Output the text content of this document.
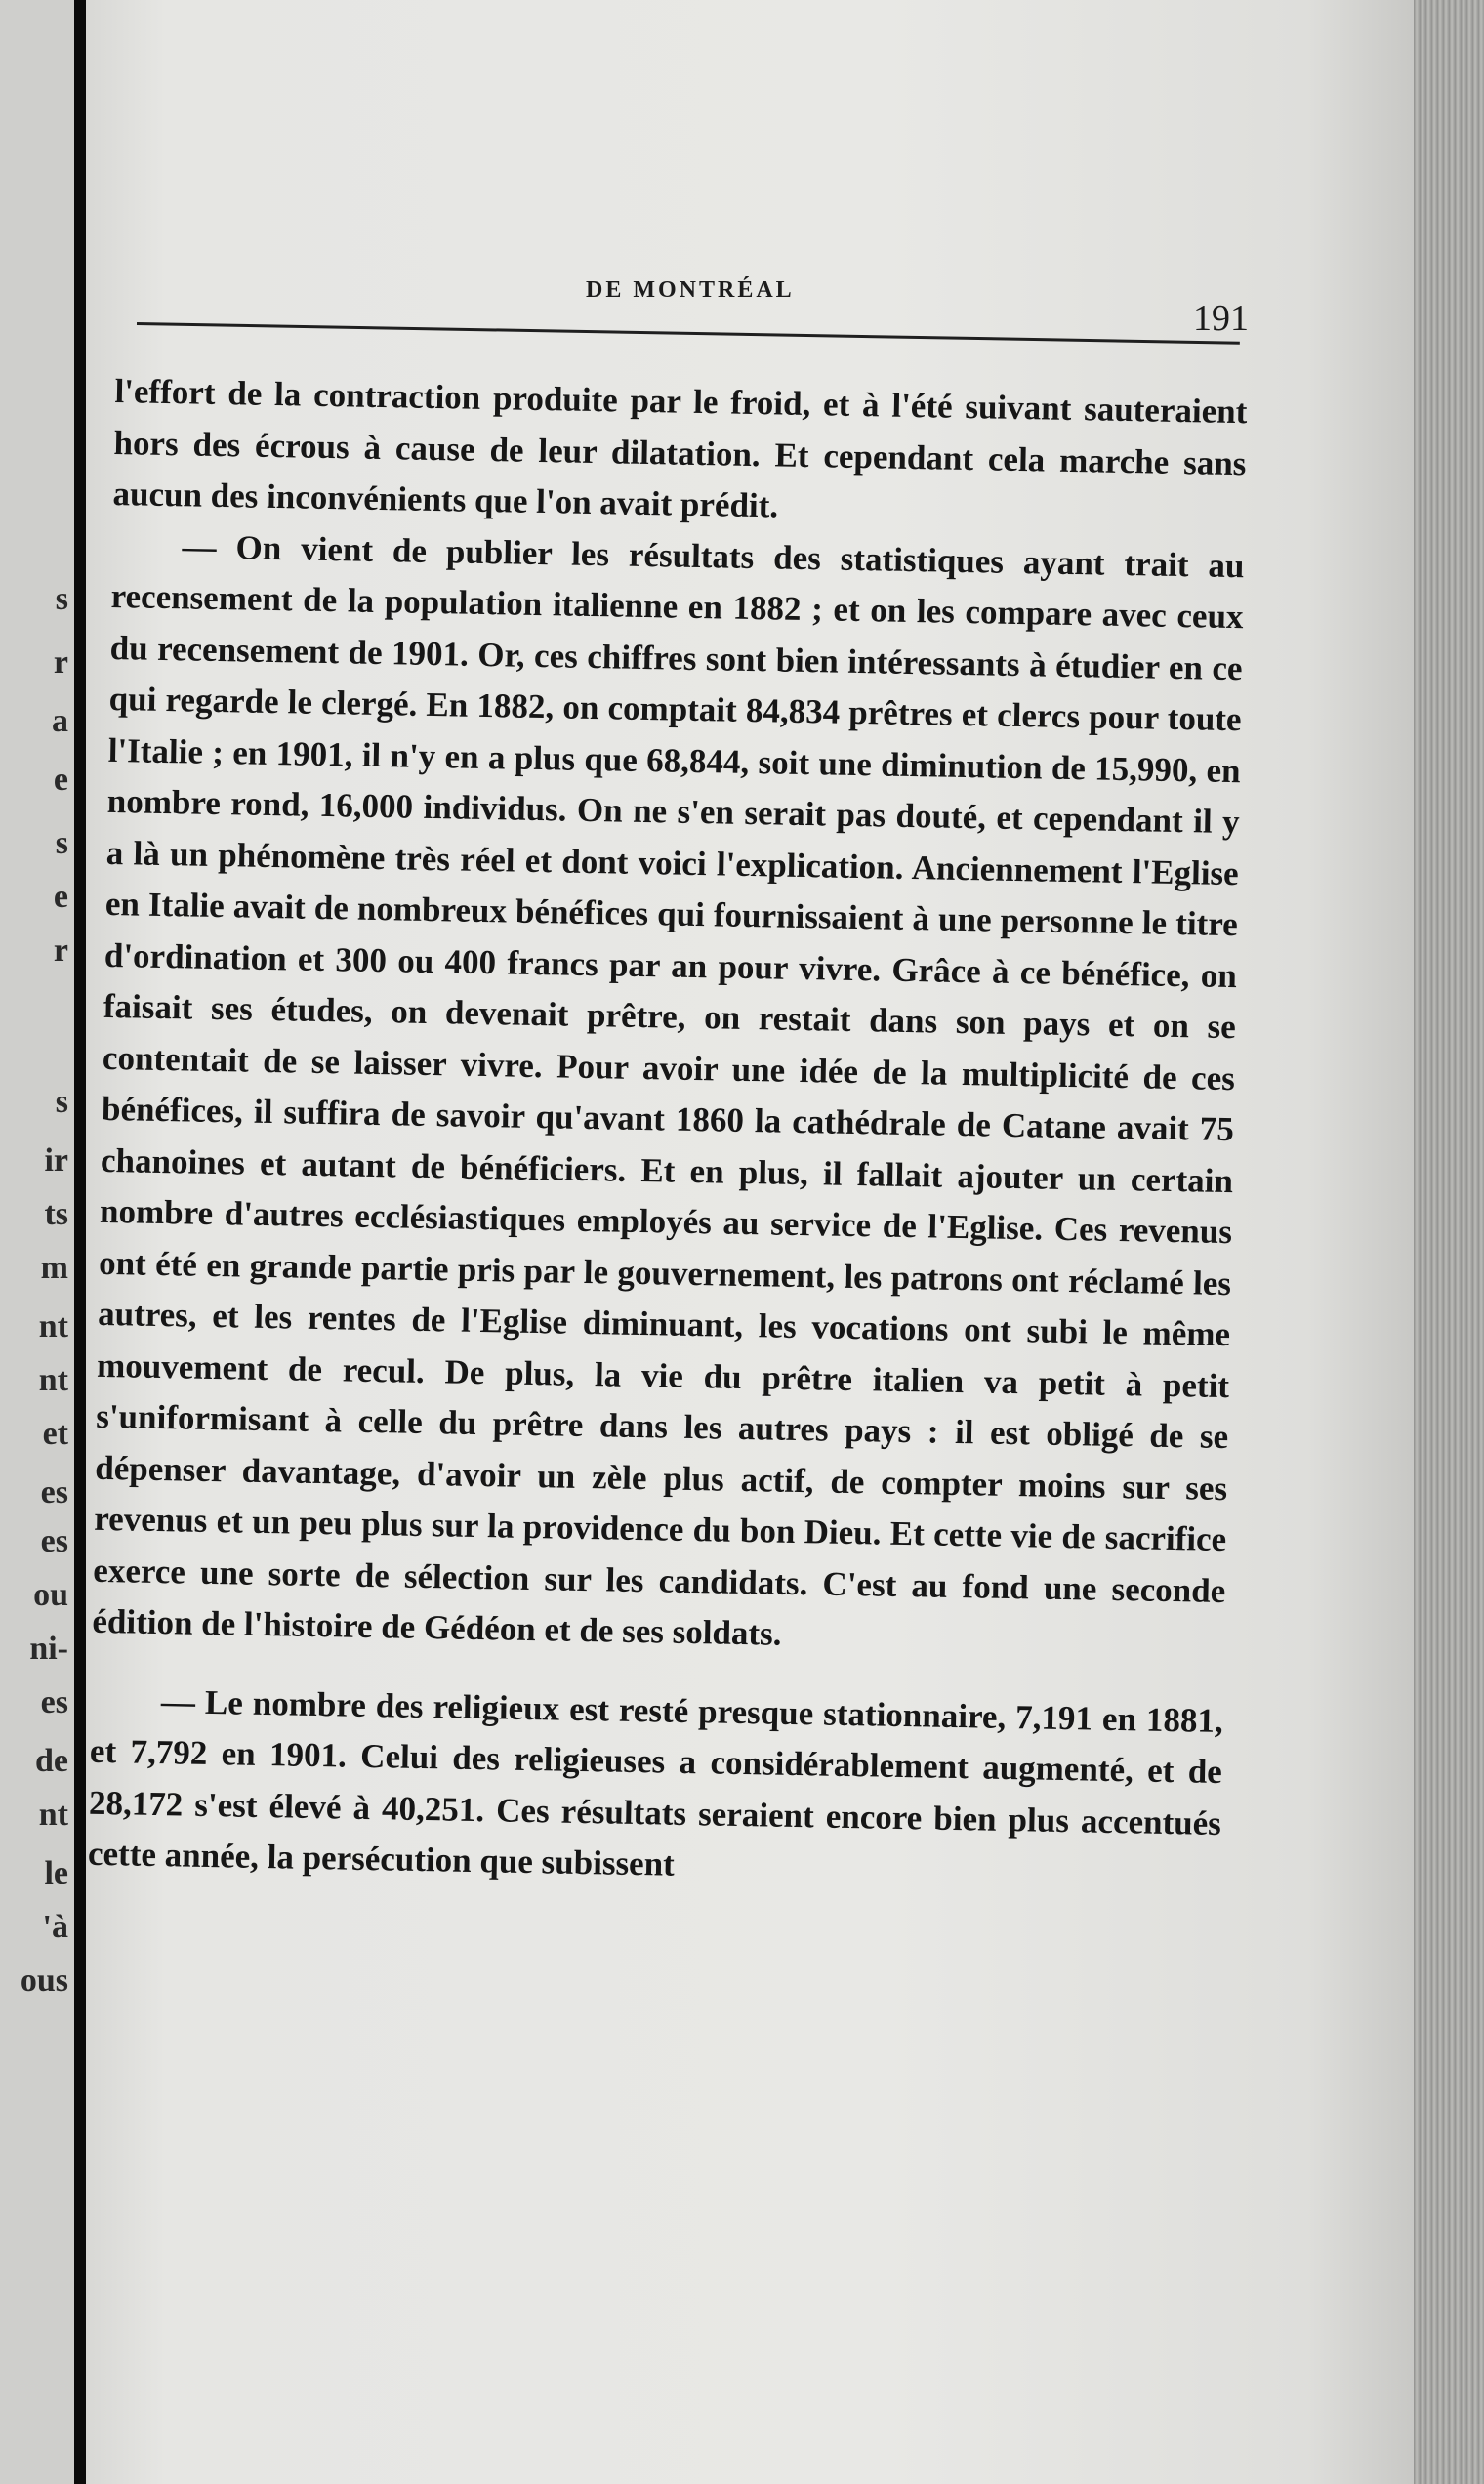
s
r
a
e
s
e
r
s
ir
ts
m
nt
nt
et
es
es
ou
ni-
es
de
nt
le
'à
ous
DE MONTRÉAL
191

l'effort de la contraction produite par le froid, et à l'été suivant sauteraient hors des écrous à cause de leur dilatation. Et cependant cela marche sans aucun des inconvénients que l'on avait prédit.

— On vient de publier les résultats des statistiques ayant trait au recensement de la population italienne en 1882 ; et on les compare avec ceux du recensement de 1901. Or, ces chiffres sont bien intéressants à étudier en ce qui regarde le clergé. En 1882, on comptait 84,834 prêtres et clercs pour toute l'Italie ; en 1901, il n'y en a plus que 68,844, soit une diminution de 15,990, en nombre rond, 16,000 individus. On ne s'en serait pas douté, et cependant il y a là un phénomène très réel et dont voici l'explication. Anciennement l'Eglise en Italie avait de nombreux bénéfices qui fournissaient à une personne le titre d'ordination et 300 ou 400 francs par an pour vivre. Grâce à ce bénéfice, on faisait ses études, on devenait prêtre, on restait dans son pays et on se contentait de se laisser vivre. Pour avoir une idée de la multiplicité de ces bénéfices, il suffira de savoir qu'avant 1860 la cathédrale de Catane avait 75 chanoines et autant de bénéficiers. Et en plus, il fallait ajouter un certain nombre d'autres ecclésiastiques employés au service de l'Eglise. Ces revenus ont été en grande partie pris par le gouvernement, les patrons ont réclamé les autres, et les rentes de l'Eglise diminuant, les vocations ont subi le même mouvement de recul. De plus, la vie du prêtre italien va petit à petit s'uniformisant à celle du prêtre dans les autres pays : il est obligé de se dépenser davantage, d'avoir un zèle plus actif, de compter moins sur ses revenus et un peu plus sur la providence du bon Dieu. Et cette vie de sacrifice exerce une sorte de sélection sur les candidats. C'est au fond une seconde édition de l'histoire de Gédéon et de ses soldats.

— Le nombre des religieux est resté presque stationnaire, 7,191 en 1881, et 7,792 en 1901. Celui des religieuses a considérablement augmenté, et de 28,172 s'est élevé à 40,251. Ces résultats seraient encore bien plus accentués cette année, la persécution que subissent
